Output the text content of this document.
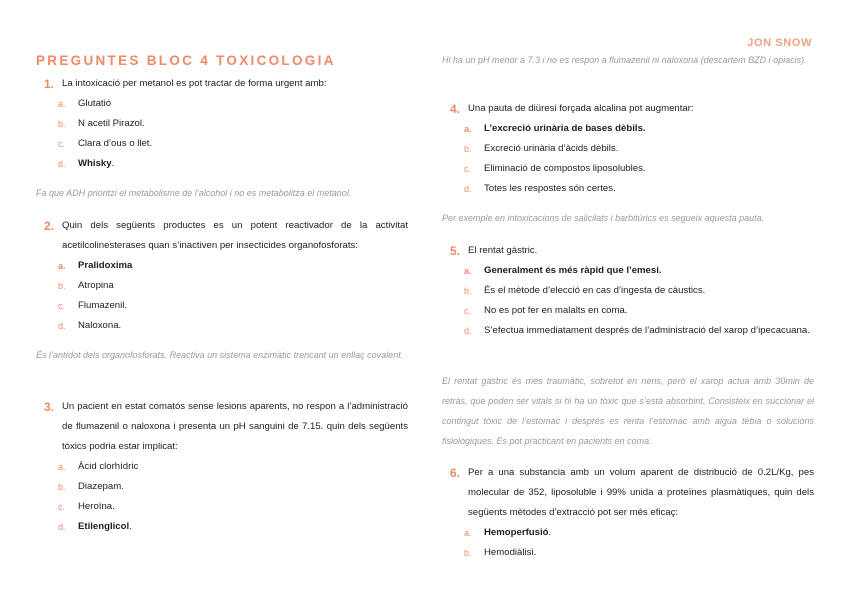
JON SNOW
PREGUNTES BLOC 4 TOXICOLOGIA
1. La intoxicació per metanol es pot tractar de forma urgent amb:
a.	Glutatió
b.	N acetil Pirazol.
c.	Clara d’ous o llet.
d.	Whisky.

Fa que ADH prioritzi el metabolisme de l’alcohol i no es metabolitza el metanol.

2. Quin dels següents productes es un potent reactivador de la activitat acetilcolinesterases quan s’inactiven per insecticides organofosforats:
a.	Pralidoxima
b.	Atropina
c.	Flumazenil.
d.	Naloxona.

És l’antídot dels organofosforats. Reactiva un sistema enzimàtic trencant un enllaç covalent.

3. Un pacient en estat comatós sense lesions aparents, no respon a l’administració de flumazenil o naloxona i presenta un pH sanguini de 7.15. quin dels següents tòxics podria estar implicat:
a.	Àcid clorhídric
b.	Diazepam.
c.	Heroïna.
d.	Etilenglicol.

Hi ha un pH menor a 7.3 i no es respon a flumazenil ni naloxona (descartem BZD i opiacis).

4. Una pauta de diüresi forçada alcalina pot augmentar:
a.	L’excreció urinària de bases dèbils.
b.	Excreció urinària d’àcids dèbils.
c.	Eliminació de compostos liposolubles.
d.	Totes les respostes són certes.

Per exemple en intoxicacions de salicilats i barbitúrics es segueix aquesta pauta.

5. El rentat gàstric.
a.	Generalment és més ràpid que l’emesi.
b.	És el mètode d’elecció en cas d’ingesta de càustics.
c.	No es pot fer en malalts en coma.
d.	S’efectua immediatament després de l’administració del xarop d’ipecacuana.

El rentat gàstric és mes traumàtic, sobretot en nens, però el xarop actua amb 30min de retràs, que poden ser vitals si hi ha un tòxic que s’està absorbint. Consisteix en succionar el contingut tòxic de l’estòmac i després es renta l’estomac amb aigua tèbia o solucions fisiològiques. Es pot practicant en pacients en coma.

6. Per a una substancia amb un volum aparent de distribució de 0.2L/Kg, pes molecular de 352, liposoluble i 99% unida a proteïnes plasmàtiques, quin dels següents mètodes d’extracció pot ser més eficaç:
a.	Hemoperfusió.
b.	Hemodiàlisi.
